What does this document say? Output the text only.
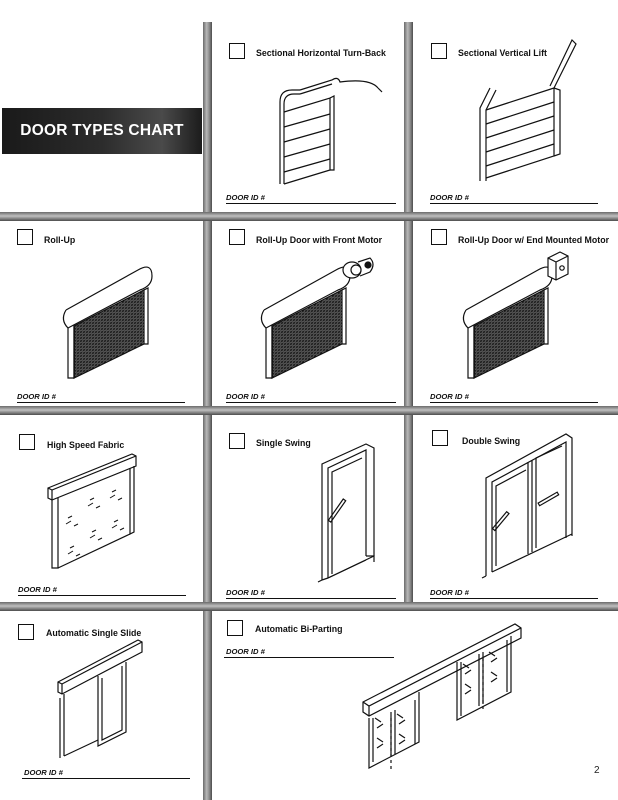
DOOR TYPES CHART
Sectional Horizontal Turn-Back
DOOR ID #
Sectional Vertical Lift
DOOR ID #
Roll-Up
DOOR ID #
Roll-Up Door with Front Motor
DOOR ID #
Roll-Up Door w/ End Mounted Motor
DOOR ID #
High Speed Fabric
DOOR ID #
Single Swing
DOOR ID #
Double Swing
DOOR ID #
Automatic Single Slide
DOOR ID #
Automatic Bi-Parting
DOOR ID #
2
